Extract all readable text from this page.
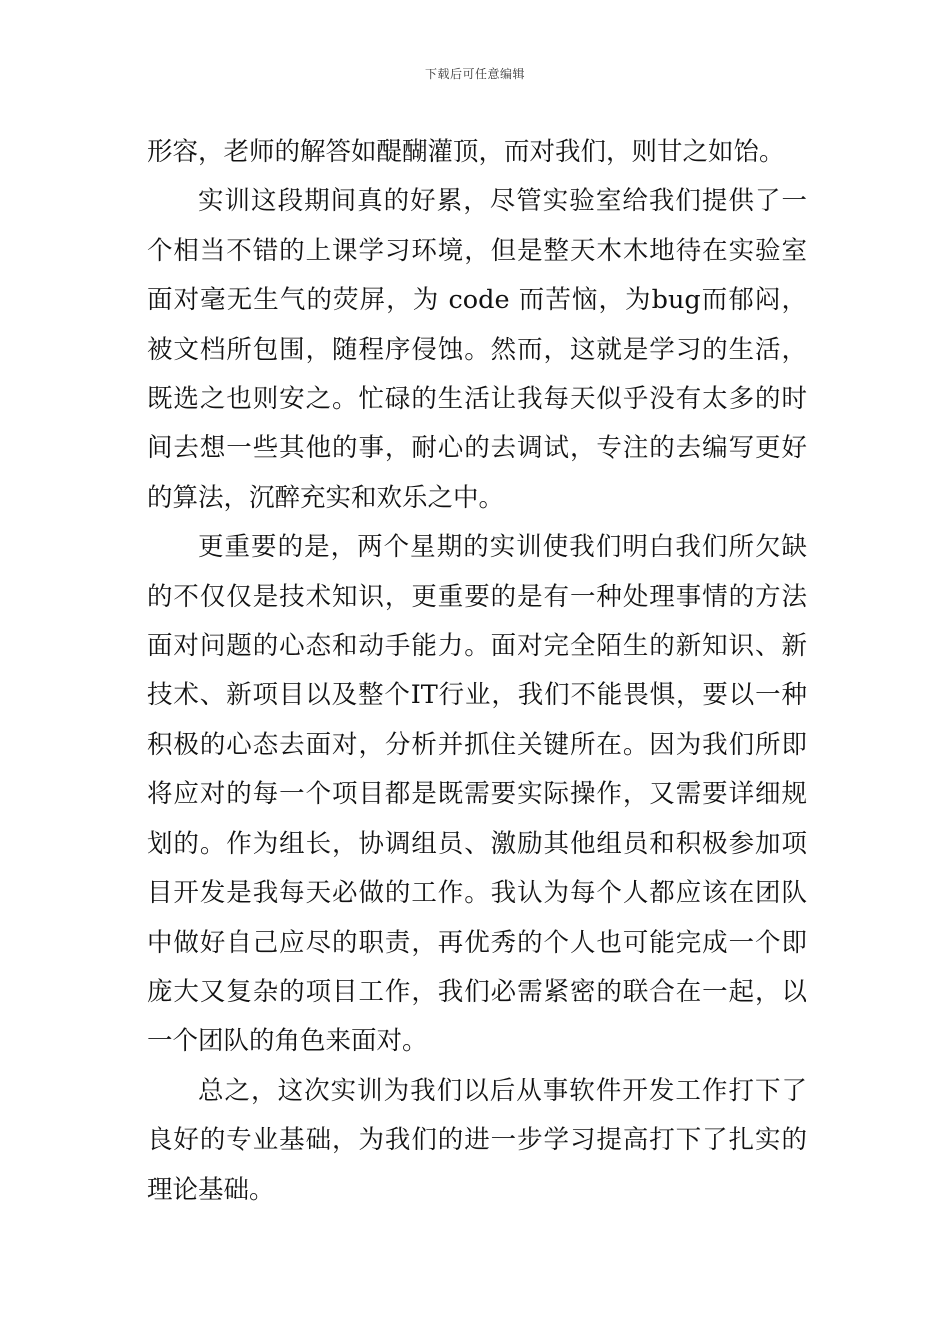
下载后可任意编辑

形容，老师的解答如醍醐灌顶，而对我们，则甘之如饴。

实训这段期间真的好累，尽管实验室给我们提供了一个相当不错的上课学习环境，但是整天木木地待在实验室面对毫无生气的荧屏，为 code 而苦恼，为bug而郁闷，被文档所包围，随程序侵蚀。然而，这就是学习的生活，既选之也则安之。忙碌的生活让我每天似乎没有太多的时间去想一些其他的事，耐心的去调试，专注的去编写更好的算法，沉醉充实和欢乐之中。

更重要的是，两个星期的实训使我们明白我们所欠缺的不仅仅是技术知识，更重要的是有一种处理事情的方法面对问题的心态和动手能力。面对完全陌生的新知识、新技术、新项目以及整个IT行业，我们不能畏惧，要以一种积极的心态去面对，分析并抓住关键所在。因为我们所即将应对的每一个项目都是既需要实际操作，又需要详细规划的。作为组长，协调组员、激励其他组员和积极参加项目开发是我每天必做的工作。我认为每个人都应该在团队中做好自己应尽的职责，再优秀的个人也可能完成一个即庞大又复杂的项目工作，我们必需紧密的联合在一起，以一个团队的角色来面对。

总之，这次实训为我们以后从事软件开发工作打下了良好的专业基础，为我们的进一步学习提高打下了扎实的理论基础。
